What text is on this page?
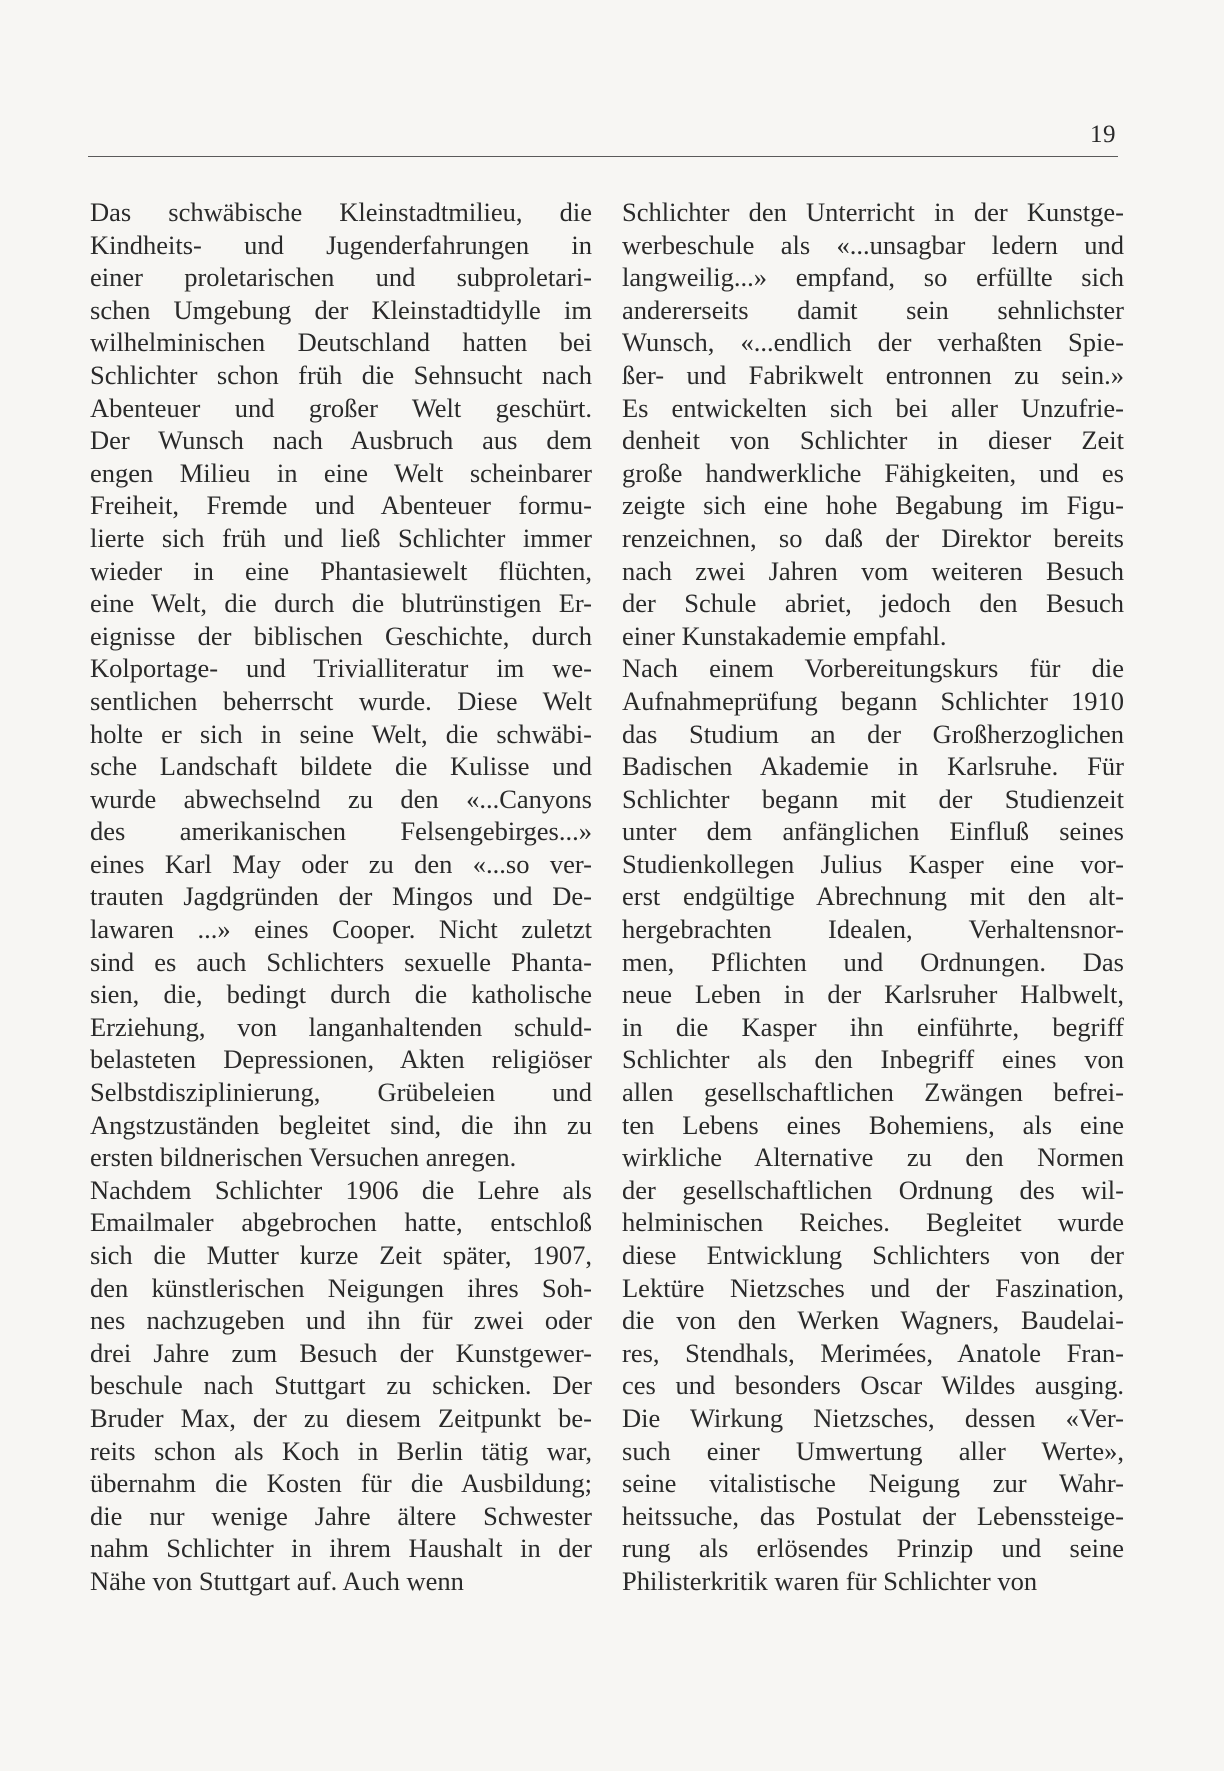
19
Das schwäbische Kleinstadtmilieu, die
Kindheits- und Jugenderfahrungen in
einer proletarischen und subproletari-
schen Umgebung der Kleinstadtidylle im
wilhelminischen Deutschland hatten bei
Schlichter schon früh die Sehnsucht nach
Abenteuer und großer Welt geschürt.
Der Wunsch nach Ausbruch aus dem
engen Milieu in eine Welt scheinbarer
Freiheit, Fremde und Abenteuer formu-
lierte sich früh und ließ Schlichter immer
wieder in eine Phantasiewelt flüchten,
eine Welt, die durch die blutrünstigen Er-
eignisse der biblischen Geschichte, durch
Kolportage- und Trivialliteratur im we-
sentlichen beherrscht wurde. Diese Welt
holte er sich in seine Welt, die schwäbi-
sche Landschaft bildete die Kulisse und
wurde abwechselnd zu den «...Canyons
des amerikanischen Felsengebirges...»
eines Karl May oder zu den «...so ver-
trauten Jagdgründen der Mingos und De-
lawaren ...» eines Cooper. Nicht zuletzt
sind es auch Schlichters sexuelle Phanta-
sien, die, bedingt durch die katholische
Erziehung, von langanhaltenden schuld-
belasteten Depressionen, Akten religiöser
Selbstdisziplinierung, Grübeleien und
Angstzuständen begleitet sind, die ihn zu
ersten bildnerischen Versuchen anregen.
Nachdem Schlichter 1906 die Lehre als
Emailmaler abgebrochen hatte, entschloß
sich die Mutter kurze Zeit später, 1907,
den künstlerischen Neigungen ihres Soh-
nes nachzugeben und ihn für zwei oder
drei Jahre zum Besuch der Kunstgewer-
beschule nach Stuttgart zu schicken. Der
Bruder Max, der zu diesem Zeitpunkt be-
reits schon als Koch in Berlin tätig war,
übernahm die Kosten für die Ausbildung;
die nur wenige Jahre ältere Schwester
nahm Schlichter in ihrem Haushalt in der
Nähe von Stuttgart auf. Auch wenn
Schlichter den Unterricht in der Kunstge-
werbeschule als «...unsagbar ledern und
langweilig...» empfand, so erfüllte sich
andererseits damit sein sehnlichster
Wunsch, «...endlich der verhaßten Spie-
ßer- und Fabrikwelt entronnen zu sein.»
Es entwickelten sich bei aller Unzufrie-
denheit von Schlichter in dieser Zeit
große handwerkliche Fähigkeiten, und es
zeigte sich eine hohe Begabung im Figu-
renzeichnen, so daß der Direktor bereits
nach zwei Jahren vom weiteren Besuch
der Schule abriet, jedoch den Besuch
einer Kunstakademie empfahl.
Nach einem Vorbereitungskurs für die
Aufnahmeprüfung begann Schlichter 1910
das Studium an der Großherzoglichen
Badischen Akademie in Karlsruhe. Für
Schlichter begann mit der Studienzeit
unter dem anfänglichen Einfluß seines
Studienkollegen Julius Kasper eine vor-
erst endgültige Abrechnung mit den alt-
hergebrachten Idealen, Verhaltensnor-
men, Pflichten und Ordnungen. Das
neue Leben in der Karlsruher Halbwelt,
in die Kasper ihn einführte, begriff
Schlichter als den Inbegriff eines von
allen gesellschaftlichen Zwängen befrei-
ten Lebens eines Bohemiens, als eine
wirkliche Alternative zu den Normen
der gesellschaftlichen Ordnung des wil-
helminischen Reiches. Begleitet wurde
diese Entwicklung Schlichters von der
Lektüre Nietzsches und der Faszination,
die von den Werken Wagners, Baudelai-
res, Stendhals, Merimées, Anatole Fran-
ces und besonders Oscar Wildes ausging.
Die Wirkung Nietzsches, dessen «Ver-
such einer Umwertung aller Werte»,
seine vitalistische Neigung zur Wahr-
heitssuche, das Postulat der Lebenssteige-
rung als erlösendes Prinzip und seine
Philisterkritik waren für Schlichter von
